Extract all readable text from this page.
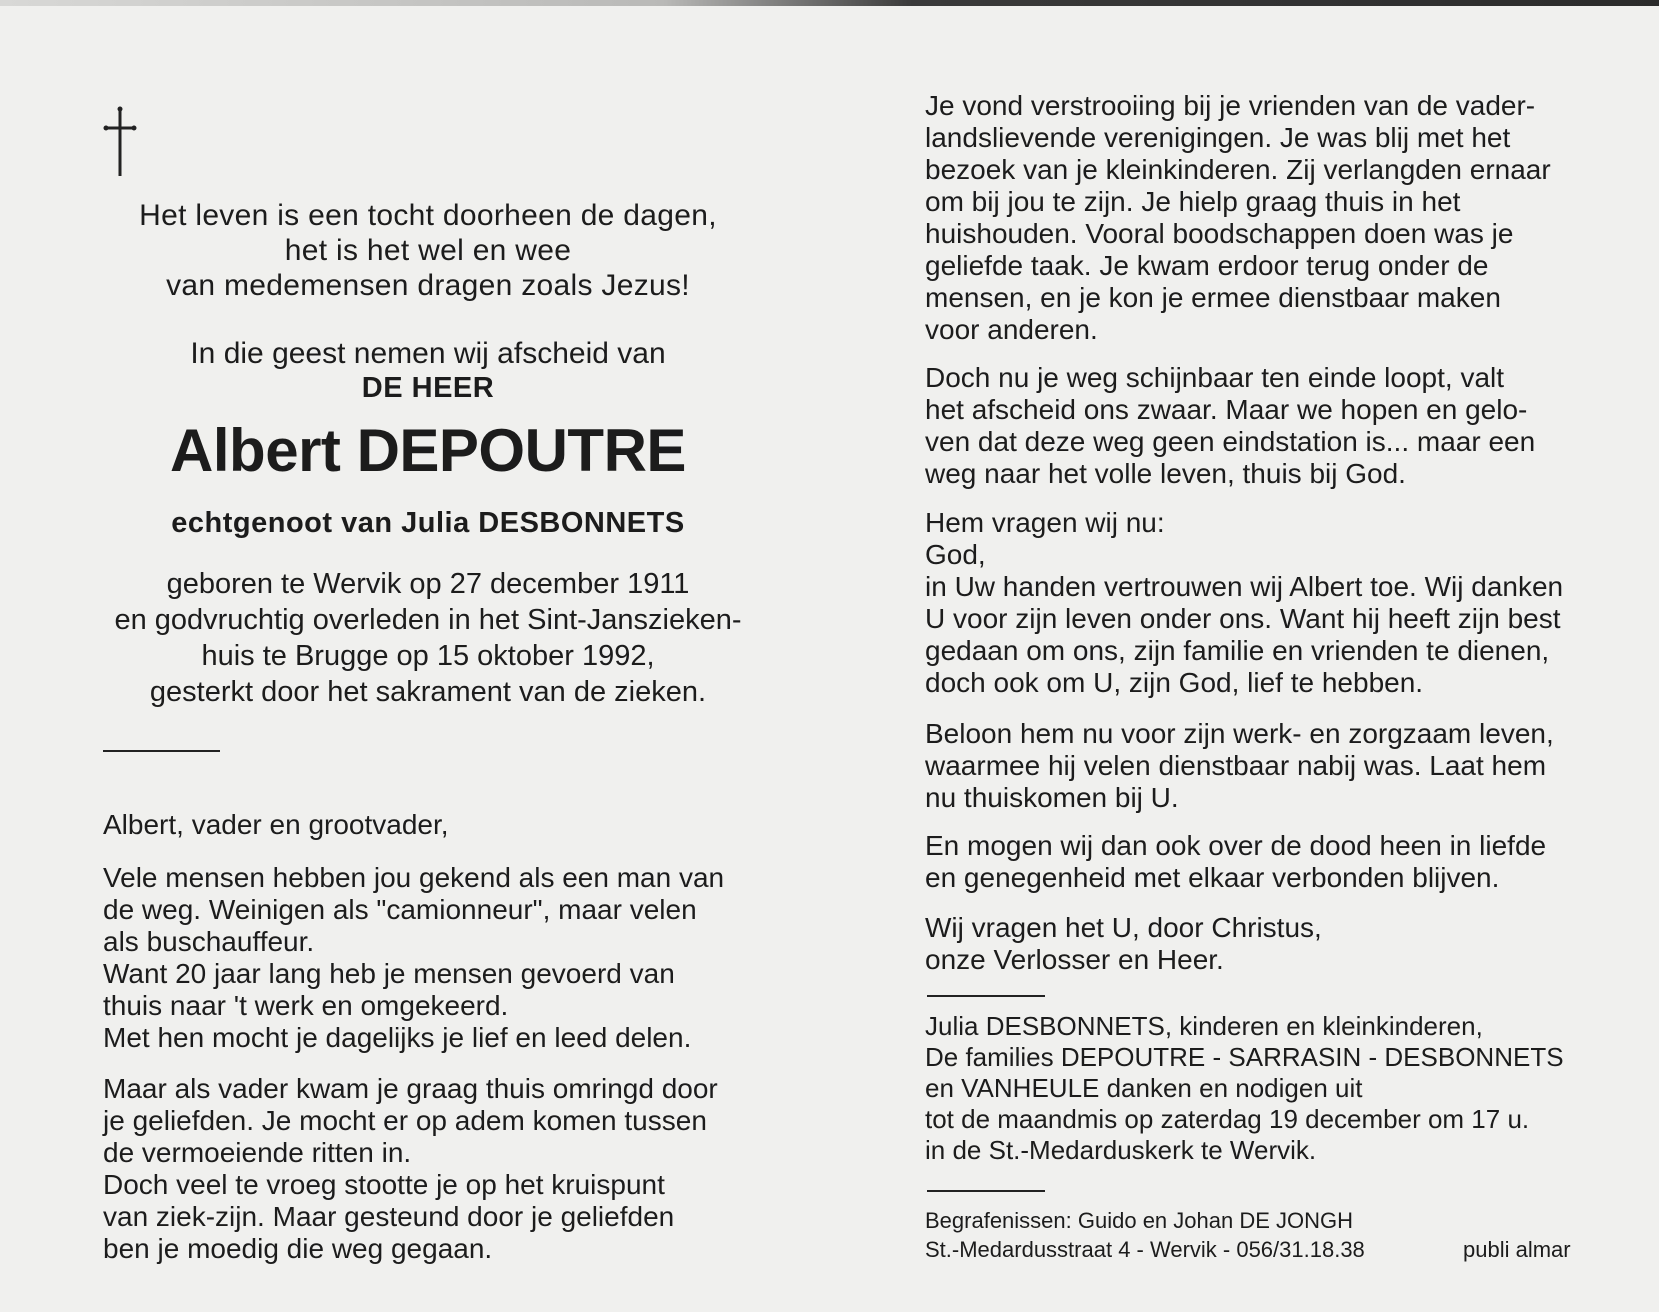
Het leven is een tocht doorheen de dagen,
het is het wel en wee
van medemensen dragen zoals Jezus!
In die geest nemen wij afscheid van
DE HEER
Albert DEPOUTRE
echtgenoot van Julia DESBONNETS
geboren te Wervik op 27 december 1911
en godvruchtig overleden in het Sint-Janszieken-
huis te Brugge op 15 oktober 1992,
gesterkt door het sakrament van de zieken.
Albert, vader en grootvader,
Vele mensen hebben jou gekend als een man van
de weg. Weinigen als "camionneur", maar velen
als buschauffeur.
Want 20 jaar lang heb je mensen gevoerd van
thuis naar 't werk en omgekeerd.
Met hen mocht je dagelijks je lief en leed delen.
Maar als vader kwam je graag thuis omringd door
je geliefden. Je mocht er op adem komen tussen
de vermoeiende ritten in.
Doch veel te vroeg stootte je op het kruispunt
van ziek-zijn. Maar gesteund door je geliefden
ben je moedig die weg gegaan.
Je vond verstrooiing bij je vrienden van de vader-
landslievende verenigingen. Je was blij met het
bezoek van je kleinkinderen. Zij verlangden ernaar
om bij jou te zijn. Je hielp graag thuis in het
huishouden. Vooral boodschappen doen was je
geliefde taak. Je kwam erdoor terug onder de
mensen, en je kon je ermee dienstbaar maken
voor anderen.
Doch nu je weg schijnbaar ten einde loopt, valt
het afscheid ons zwaar. Maar we hopen en gelo-
ven dat deze weg geen eindstation is... maar een
weg naar het volle leven, thuis bij God.
Hem vragen wij nu:
God,
in Uw handen vertrouwen wij Albert toe. Wij danken
U voor zijn leven onder ons. Want hij heeft zijn best
gedaan om ons, zijn familie en vrienden te dienen,
doch ook om U, zijn God, lief te hebben.
Beloon hem nu voor zijn werk- en zorgzaam leven,
waarmee hij velen dienstbaar nabij was. Laat hem
nu thuiskomen bij U.
En mogen wij dan ook over de dood heen in liefde
en genegenheid met elkaar verbonden blijven.
Wij vragen het U, door Christus,
onze Verlosser en Heer.
Julia DESBONNETS, kinderen en kleinkinderen,
De families DEPOUTRE - SARRASIN - DESBONNETS
en VANHEULE danken en nodigen uit
tot de maandmis op zaterdag 19 december om 17 u.
in de St.-Medarduskerk te Wervik.
Begrafenissen: Guido en Johan DE JONGH
St.-Medardusstraat 4 - Wervik - 056/31.18.38	publi almar
